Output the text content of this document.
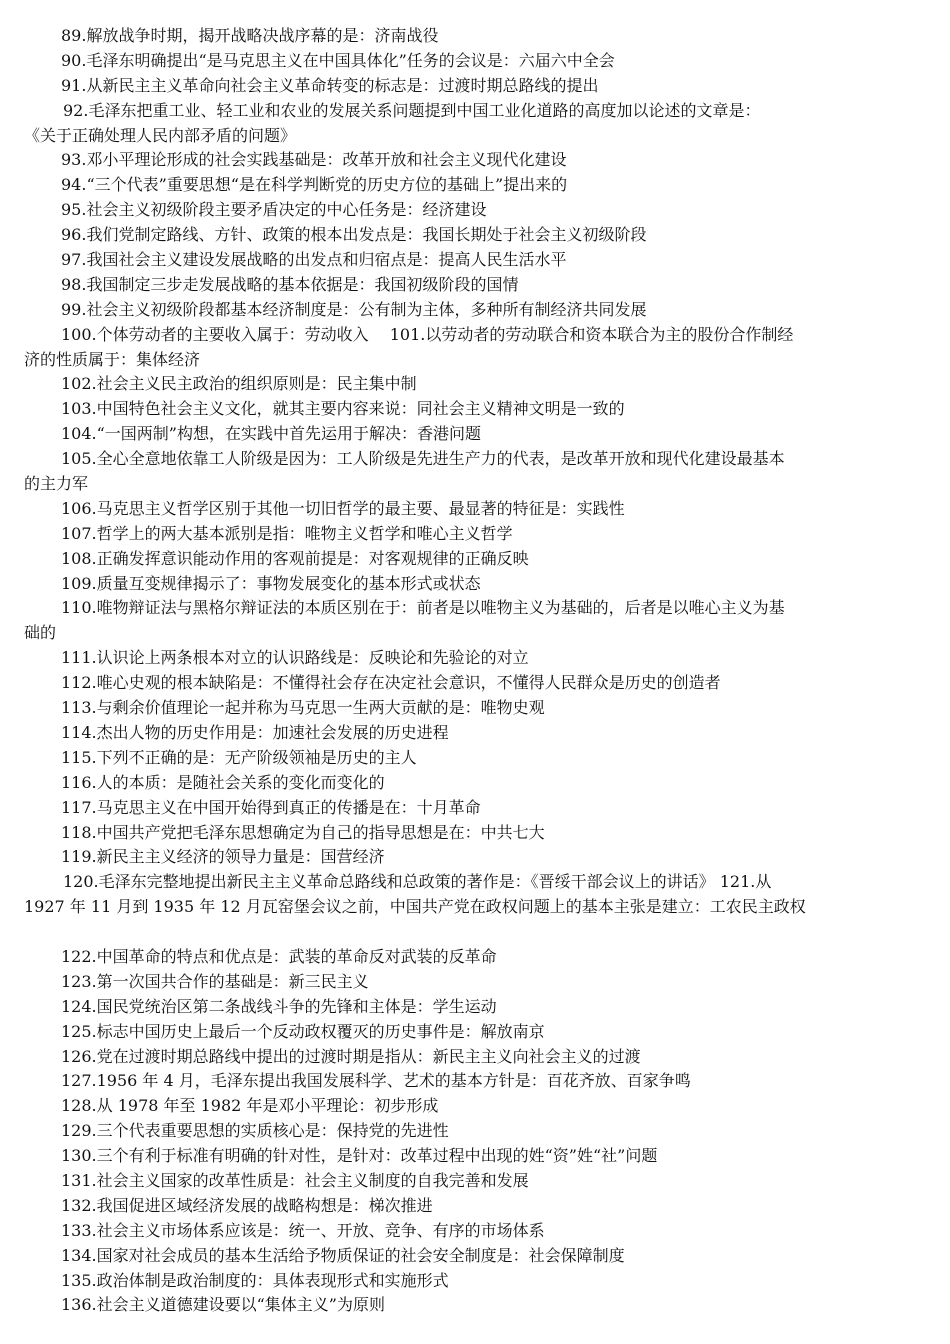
89.解放战争时期，揭开战略决战序幕的是：济南战役
90.毛泽东明确提出“是马克思主义在中国具体化”任务的会议是：六届六中全会
91.从新民主主义革命向社会主义革命转变的标志是：过渡时期总路线的提出
92.毛泽东把重工业、轻工业和农业的发展关系问题提到中国工业化道路的高度加以论述的文章是：
《关于正确处理人民内部矛盾的问题》
93.邓小平理论形成的社会实践基础是：改革开放和社会主义现代化建设
94.“三个代表”重要思想“是在科学判断党的历史方位的基础上”提出来的
95.社会主义初级阶段主要矛盾决定的中心任务是：经济建设
96.我们党制定路线、方针、政策的根本出发点是：我国长期处于社会主义初级阶段
97.我国社会主义建设发展战略的出发点和归宿点是：提高人民生活水平
98.我国制定三步走发展战略的基本依据是：我国初级阶段的国情
99.社会主义初级阶段都基本经济制度是：公有制为主体，多种所有制经济共同发展
100.个体劳动者的主要收入属于：劳动收入　 101.以劳动者的劳动联合和资本联合为主的股份合作制经
济的性质属于：集体经济
102.社会主义民主政治的组织原则是：民主集中制
103.中国特色社会主义文化，就其主要内容来说：同社会主义精神文明是一致的
104.“一国两制”构想，在实践中首先运用于解决：香港问题
105.全心全意地依靠工人阶级是因为：工人阶级是先进生产力的代表，是改革开放和现代化建设最基本
的主力军
106.马克思主义哲学区别于其他一切旧哲学的最主要、最显著的特征是：实践性
107.哲学上的两大基本派别是指：唯物主义哲学和唯心主义哲学
108.正确发挥意识能动作用的客观前提是：对客观规律的正确反映
109.质量互变规律揭示了：事物发展变化的基本形式或状态
110.唯物辩证法与黑格尔辩证法的本质区别在于：前者是以唯物主义为基础的，后者是以唯心主义为基
础的
111.认识论上两条根本对立的认识路线是：反映论和先验论的对立
112.唯心史观的根本缺陷是：不懂得社会存在决定社会意识，不懂得人民群众是历史的创造者
113.与剩余价值理论一起并称为马克思一生两大贡献的是：唯物史观
114.杰出人物的历史作用是：加速社会发展的历史进程
115.下列不正确的是：无产阶级领袖是历史的主人
116.人的本质：是随社会关系的变化而变化的
117.马克思主义在中国开始得到真正的传播是在：十月革命
118.中国共产党把毛泽东思想确定为自己的指导思想是在：中共七大
119.新民主主义经济的领导力量是：国营经济
120.毛泽东完整地提出新民主主义革命总路线和总政策的著作是：《晋绥干部会议上的讲话》 121.从
1927 年 11 月到 1935 年 12 月瓦窑堡会议之前，中国共产党在政权问题上的基本主张是建立：工农民主政权
122.中国革命的特点和优点是：武装的革命反对武装的反革命
123.第一次国共合作的基础是：新三民主义
124.国民党统治区第二条战线斗争的先锋和主体是：学生运动
125.标志中国历史上最后一个反动政权覆灭的历史事件是：解放南京
126.党在过渡时期总路线中提出的过渡时期是指从：新民主主义向社会主义的过渡
127.1956 年 4 月，毛泽东提出我国发展科学、艺术的基本方针是：百花齐放、百家争鸣
128.从 1978 年至 1982 年是邓小平理论：初步形成
129.三个代表重要思想的实质核心是：保持党的先进性
130.三个有利于标准有明确的针对性，是针对：改革过程中出现的姓“资”姓“社”问题
131.社会主义国家的改革性质是：社会主义制度的自我完善和发展
132.我国促进区域经济发展的战略构想是：梯次推进
133.社会主义市场体系应该是：统一、开放、竞争、有序的市场体系
134.国家对社会成员的基本生活给予物质保证的社会安全制度是：社会保障制度
135.政治体制是政治制度的：具体表现形式和实施形式
136.社会主义道德建设要以“集体主义”为原则
